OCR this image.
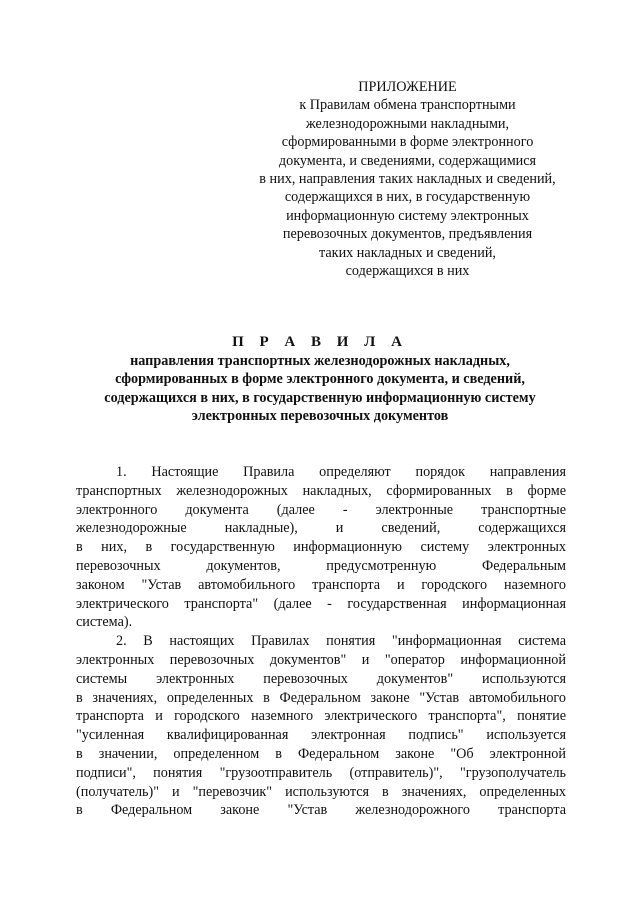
ПРИЛОЖЕНИЕ
к Правилам обмена транспортными
железнодорожными накладными,
сформированными в форме электронного
документа, и сведениями, содержащимися
в них, направления таких накладных и сведений,
содержащихся в них, в государственную
информационную систему электронных
перевозочных документов, предъявления
таких накладных и сведений,
содержащихся в них
П Р А В И Л А
направления транспортных железнодорожных накладных,
сформированных в форме электронного документа, и сведений,
содержащихся в них, в государственную информационную систему
электронных перевозочных документов
1. Настоящие Правила определяют порядок направления
транспортных железнодорожных накладных, сформированных в форме
электронного документа (далее - электронные транспортные
железнодорожные накладные), и сведений, содержащихся
в них, в государственную информационную систему электронных
перевозочных документов, предусмотренную Федеральным
законом "Устав автомобильного транспорта и городского наземного
электрического транспорта" (далее - государственная информационная
система).
2. В настоящих Правилах понятия "информационная система
электронных перевозочных документов" и "оператор информационной
системы электронных перевозочных документов" используются
в значениях, определенных в Федеральном законе "Устав автомобильного
транспорта и городского наземного электрического транспорта", понятие
"усиленная квалифицированная электронная подпись" используется
в значении, определенном в Федеральном законе "Об электронной
подписи", понятия "грузоотправитель (отправитель)", "грузополучатель
(получатель)" и "перевозчик" используются в значениях, определенных
в Федеральном законе "Устав железнодорожного транспорта
